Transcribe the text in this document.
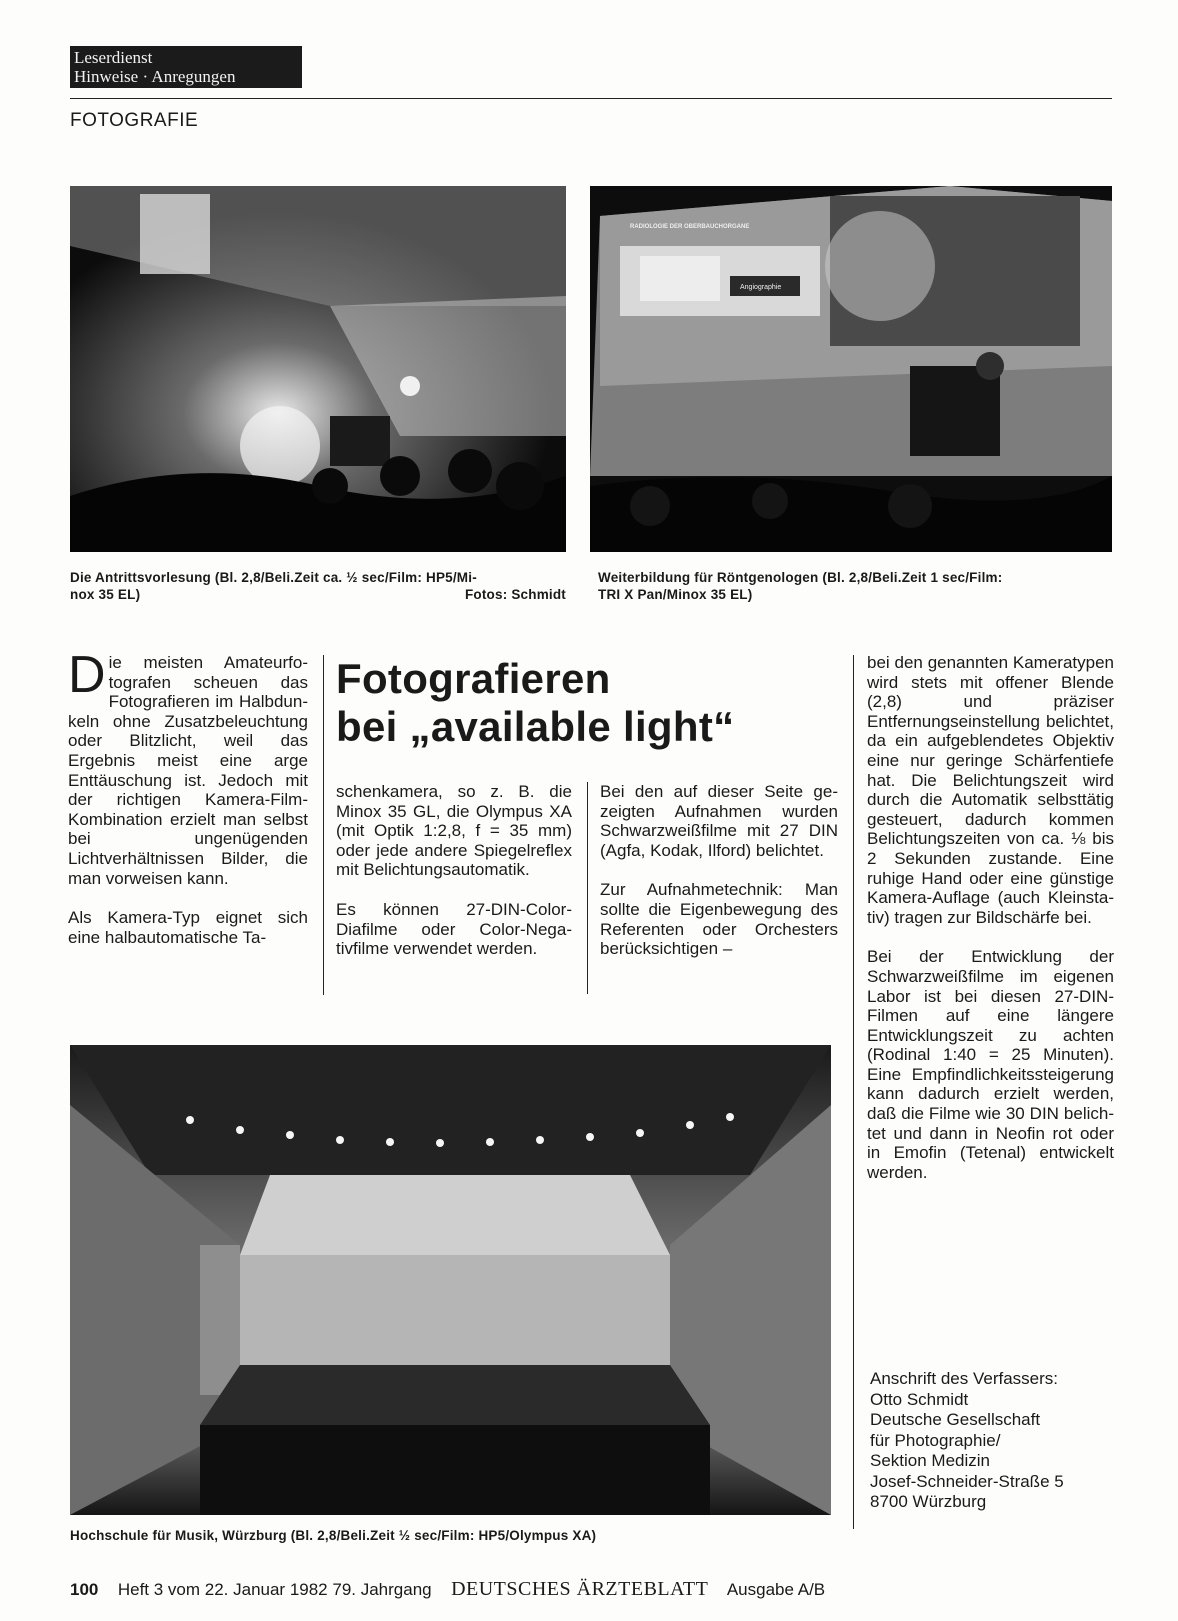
Leserdienst
Hinweise · Anregungen
FOTOGRAFIE
Angiographie
RADIOLOGIE DER OBERBAUCHORGANE
Die Antrittsvorlesung (Bl. 2,8/Beli.Zeit ca. ½ sec/Film: HP5/Mi-
nox 35 EL)	Fotos: Schmidt
Weiterbildung für Röntgenologen (Bl. 2,8/Beli.Zeit 1 sec/Film:
TRI X Pan/Minox 35 EL)

Die meisten Amateurfotografen scheuen das Fotografieren im Halbdunkeln ohne Zusatzbeleuchtung oder Blitzlicht, weil das Ergebnis meist eine arge Enttäuschung ist. Jedoch mit der richtigen Kamera-Film-Kombination erzielt man selbst bei ungenügenden Lichtverhältnissen Bilder, die man vorweisen kann.

Als Kamera-Typ eignet sich eine halbautomatische Ta-

Fotografieren
bei „available light“

schenkamera, so z. B. die Minox 35 GL, die Olympus XA (mit Optik 1:2,8, f = 35 mm) oder jede andere Spiegelreflex mit Belichtungsautomatik.

Es können 27-DIN-Color-Diafilme oder Color-Negativfilme verwendet werden.

Bei den auf dieser Seite gezeigten Aufnahmen wurden Schwarzweißfilme mit 27 DIN (Agfa, Kodak, Ilford) belichtet.

Zur Aufnahmetechnik: Man sollte die Eigenbewegung des Referenten oder Orchesters berücksichtigen –

bei den genannten Kameratypen wird stets mit offener Blende (2,8) und präziser Entfernungseinstellung belichtet, da ein aufgeblendetes Objektiv eine nur geringe Schärfentiefe hat. Die Belichtungszeit wird durch die Automatik selbsttätig gesteuert, dadurch kommen Belichtungszeiten von ca. ⅛ bis 2 Sekunden zustande. Eine ruhige Hand oder eine günstige Kamera-Auflage (auch Kleinstativ) tragen zur Bildschärfe bei.

Bei der Entwicklung der Schwarzweißfilme im eigenen Labor ist bei diesen 27-DIN-Filmen auf eine längere Entwicklungszeit zu achten (Rodinal 1:40 = 25 Minuten). Eine Empfindlichkeitssteigerung kann dadurch erzielt werden, daß die Filme wie 30 DIN belichtet und dann in Neofin rot oder in Emofin (Tetenal) entwickelt werden.

Hochschule für Musik, Würzburg (Bl. 2,8/Beli.Zeit ½ sec/Film: HP5/Olympus XA)
Anschrift des Verfassers:
Otto Schmidt
Deutsche Gesellschaft
für Photographie/
Sektion Medizin
Josef-Schneider-Straße 5
8700 Würzburg
100 Heft 3 vom 22. Januar 1982 79. Jahrgang DEUTSCHES ÄRZTEBLATT Ausgabe A/B
